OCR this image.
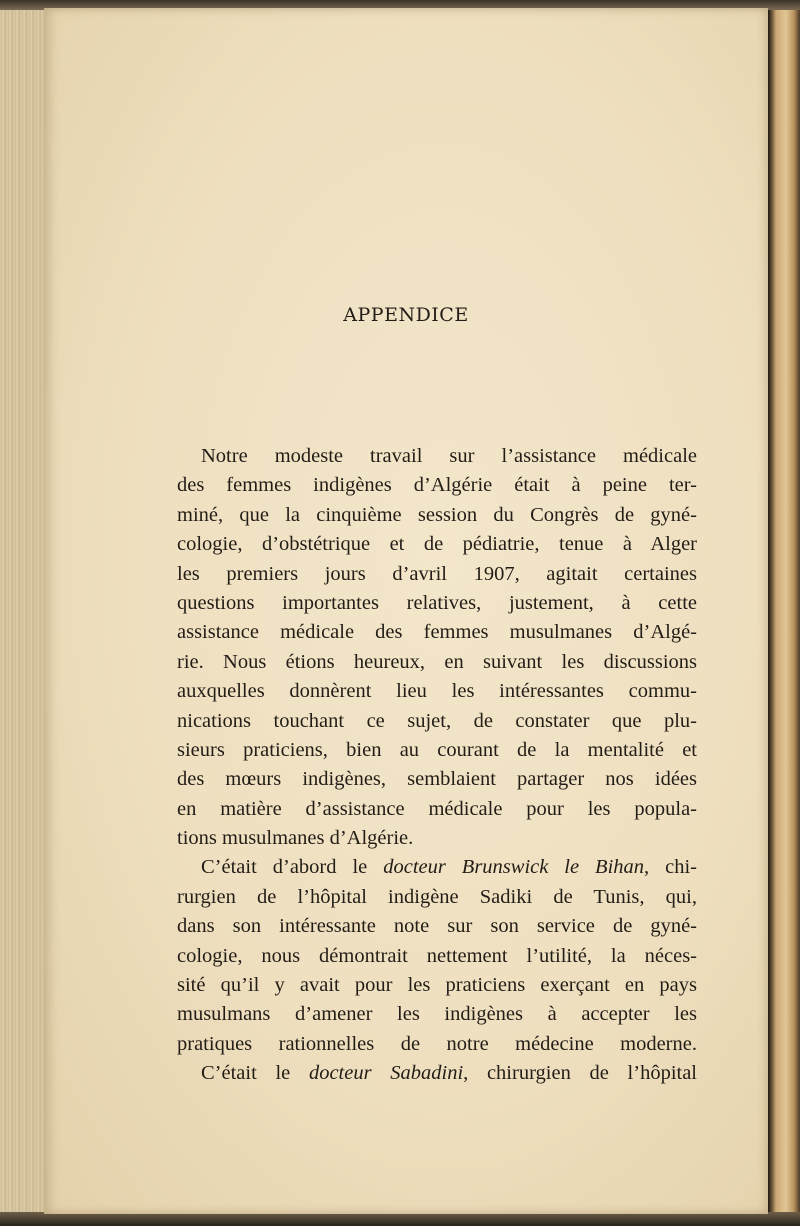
APPENDICE
Notre modeste travail sur l’assistance médicale
des femmes indigènes d’Algérie était à peine ter-
miné, que la cinquième session du Congrès de gyné-
cologie, d’obstétrique et de pédiatrie, tenue à Alger
les premiers jours d’avril 1907, agitait certaines
questions importantes relatives, justement, à cette
assistance médicale des femmes musulmanes d’Algé-
rie. Nous étions heureux, en suivant les discussions
auxquelles donnèrent lieu les intéressantes commu-
nications touchant ce sujet, de constater que plu-
sieurs praticiens, bien au courant de la mentalité et
des mœurs indigènes, semblaient partager nos idées
en matière d’assistance médicale pour les popula-
tions musulmanes d’Algérie.
C’était d’abord le docteur Brunswick le Bihan, chi-
rurgien de l’hôpital indigène Sadiki de Tunis, qui,
dans son intéressante note sur son service de gyné-
cologie, nous démontrait nettement l’utilité, la néces-
sité qu’il y avait pour les praticiens exerçant en pays
musulmans d’amener les indigènes à accepter les
pratiques rationnelles de notre médecine moderne.
C’était le docteur Sabadini, chirurgien de l’hôpital
